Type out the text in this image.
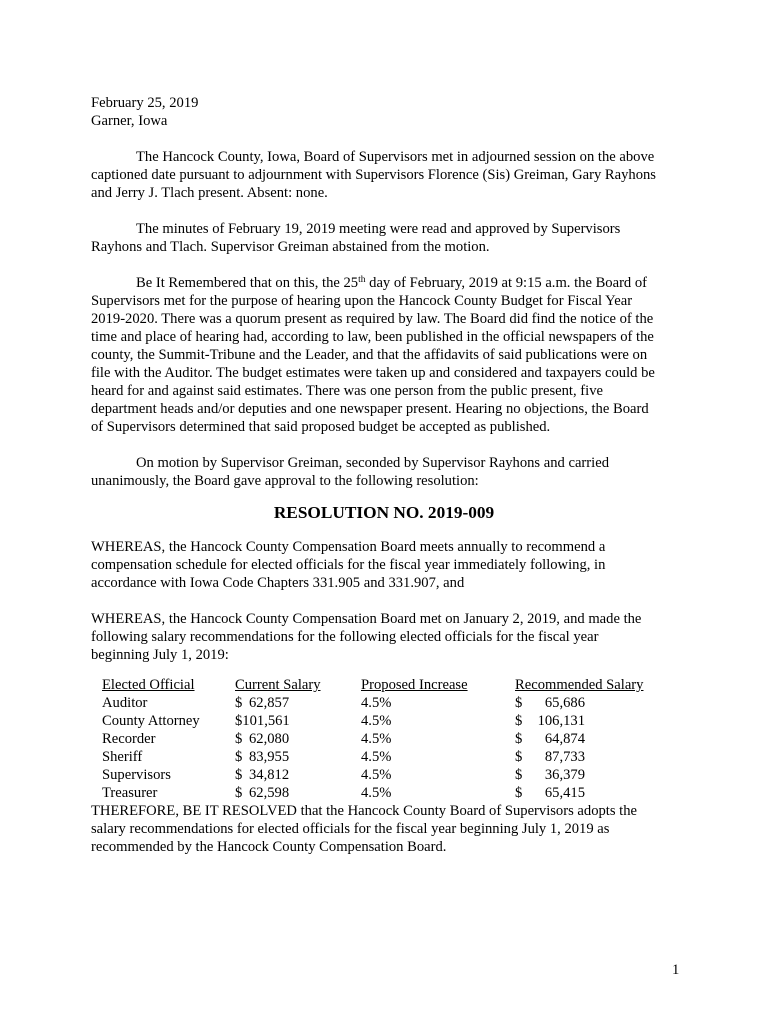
February 25, 2019
Garner, Iowa
The Hancock County, Iowa, Board of Supervisors met in adjourned session on the above
captioned date pursuant to adjournment with Supervisors Florence (Sis) Greiman, Gary Rayhons
and Jerry J. Tlach present. Absent: none.
The minutes of February 19, 2019 meeting were read and approved by Supervisors
Rayhons and Tlach. Supervisor Greiman abstained from the motion.
Be It Remembered that on this, the 25th day of February, 2019 at 9:15 a.m. the Board of
Supervisors met for the purpose of hearing upon the Hancock County Budget for Fiscal Year
2019-2020. There was a quorum present as required by law. The Board did find the notice of the
time and place of hearing had, according to law, been published in the official newspapers of the
county, the Summit-Tribune and the Leader, and that the affidavits of said publications were on
file with the Auditor. The budget estimates were taken up and considered and taxpayers could be
heard for and against said estimates. There was one person from the public present, five
department heads and/or deputies and one newspaper present. Hearing no objections, the Board
of Supervisors determined that said proposed budget be accepted as published.
On motion by Supervisor Greiman, seconded by Supervisor Rayhons and carried
unanimously, the Board gave approval to the following resolution:
RESOLUTION NO. 2019-009
WHEREAS, the Hancock County Compensation Board meets annually to recommend a
compensation schedule for elected officials for the fiscal year immediately following, in
accordance with Iowa Code Chapters 331.905 and 331.907, and
WHEREAS, the Hancock County Compensation Board met on January 2, 2019, and made the
following salary recommendations for the following elected officials for the fiscal year
beginning July 1, 2019:
Elected Official	Current Salary	Proposed Increase	Recommended Salary
Auditor	$ 62,857	4.5%	$ 65,686
County Attorney	$101,561	4.5%	$ 106,131
Recorder	$ 62,080	4.5%	$ 64,874
Sheriff	$ 83,955	4.5%	$ 87,733
Supervisors	$ 34,812	4.5%	$ 36,379
Treasurer	$ 62,598	4.5%	$ 65,415
THEREFORE, BE IT RESOLVED that the Hancock County Board of Supervisors adopts the
salary recommendations for elected officials for the fiscal year beginning July 1, 2019 as
recommended by the Hancock County Compensation Board.
1
